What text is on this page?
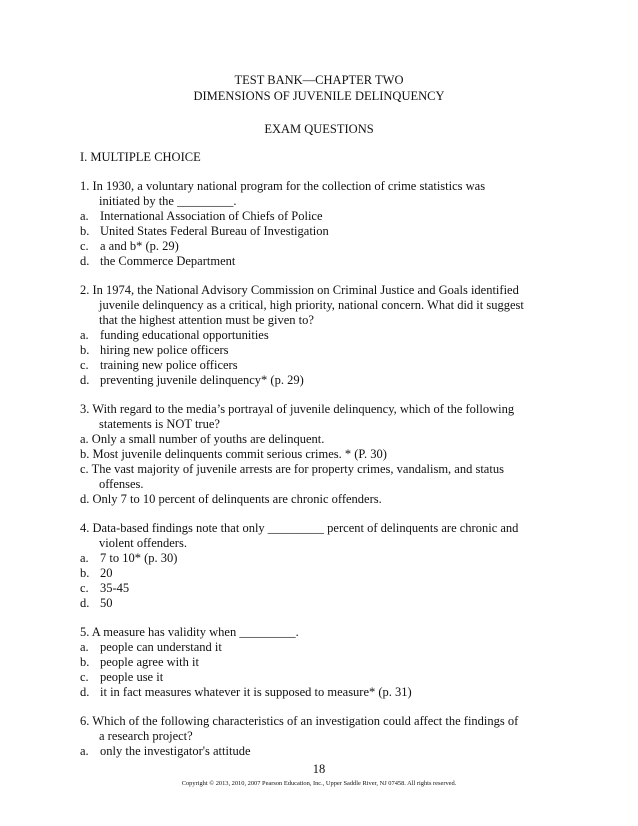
TEST BANK—CHAPTER TWO
DIMENSIONS OF JUVENILE DELINQUENCY
EXAM QUESTIONS
I. MULTIPLE CHOICE
1. In 1930, a voluntary national program for the collection of crime statistics was
initiated by the _________.
a. International Association of Chiefs of Police
b. United States Federal Bureau of Investigation
c. a and b* (p. 29)
d. the Commerce Department
2. In 1974, the National Advisory Commission on Criminal Justice and Goals identified
juvenile delinquency as a critical, high priority, national concern. What did it suggest
that the highest attention must be given to?
a. funding educational opportunities
b. hiring new police officers
c. training new police officers
d. preventing juvenile delinquency* (p. 29)
3. With regard to the media’s portrayal of juvenile delinquency, which of the following
statements is NOT true?
a. Only a small number of youths are delinquent.
b. Most juvenile delinquents commit serious crimes. * (P. 30)
c. The vast majority of juvenile arrests are for property crimes, vandalism, and status
offenses.
d. Only 7 to 10 percent of delinquents are chronic offenders.
4. Data-based findings note that only _________ percent of delinquents are chronic and
violent offenders.
a. 7 to 10* (p. 30)
b. 20
c. 35-45
d. 50
5. A measure has validity when _________.
a. people can understand it
b. people agree with it
c. people use it
d. it in fact measures whatever it is supposed to measure* (p. 31)
6. Which of the following characteristics of an investigation could affect the findings of
a research project?
a. only the investigator's attitude
18
Copyright © 2013, 2010, 2007 Pearson Education, Inc., Upper Saddle River, NJ 07458. All rights reserved.
